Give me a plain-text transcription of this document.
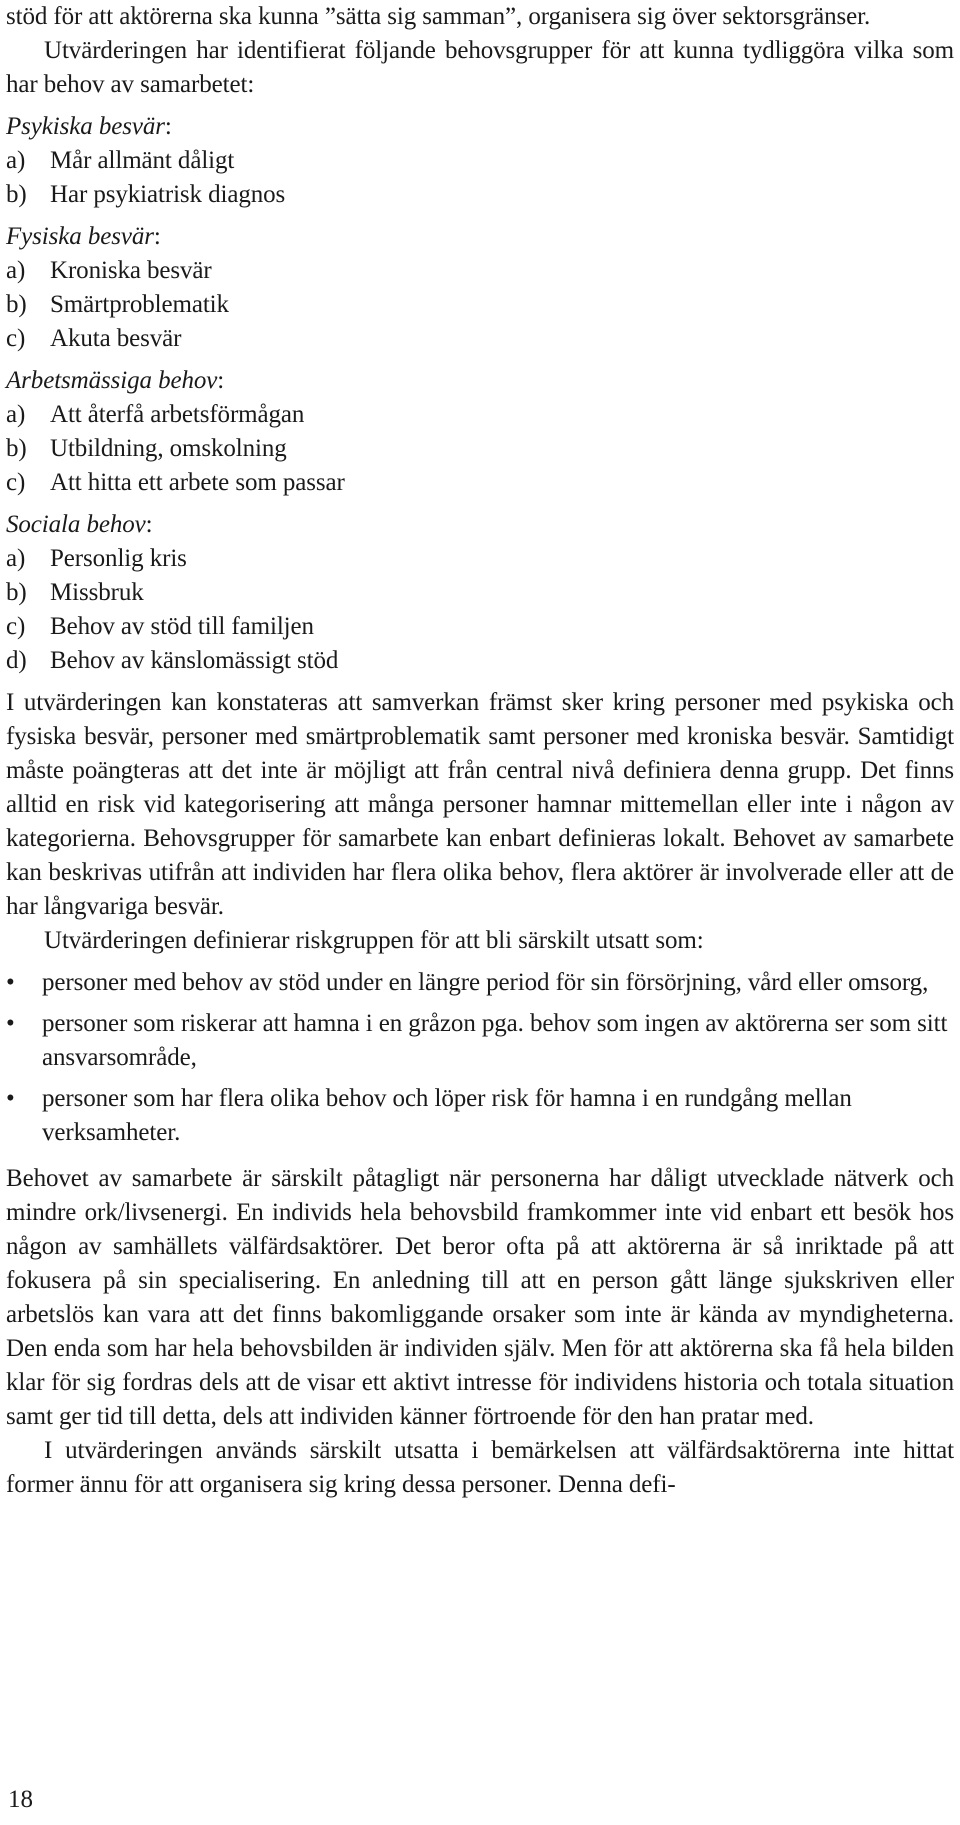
stöd för att aktörerna ska kunna ”sätta sig samman”, organisera sig över sektorsgränser.

Utvärderingen har identifierat följande behovsgrupper för att kunna tydliggöra vilka som har behov av samarbetet:

Psykiska besvär:
a) Mår allmänt dåligt
b) Har psykiatrisk diagnos
Fysiska besvär:
a) Kroniska besvär
b) Smärtproblematik
c) Akuta besvär
Arbetsmässiga behov:
a) Att återfå arbetsförmågan
b) Utbildning, omskolning
c) Att hitta ett arbete som passar
Sociala behov:
a) Personlig kris
b) Missbruk
c) Behov av stöd till familjen
d) Behov av känslomässigt stöd

I utvärderingen kan konstateras att samverkan främst sker kring personer med psykiska och fysiska besvär, personer med smärtproblematik samt personer med kroniska besvär. Samtidigt måste poängteras att det inte är möjligt att från central nivå definiera denna grupp. Det finns alltid en risk vid kategorisering att många personer hamnar mittemellan eller inte i någon av kategorierna. Behovsgrupper för samarbete kan enbart definieras lokalt. Behovet av samarbete kan beskrivas utifrån att individen har flera olika behov, flera aktörer är involverade eller att de har långvariga besvär.

Utvärderingen definierar riskgruppen för att bli särskilt utsatt som:

• personer med behov av stöd under en längre period för sin försörjning, vård eller omsorg,
• personer som riskerar att hamna i en gråzon pga. behov som ingen av aktörerna ser som sitt ansvarsområde,
• personer som har flera olika behov och löper risk för hamna i en rundgång mellan verksamheter.

Behovet av samarbete är särskilt påtagligt när personerna har dåligt utvecklade nätverk och mindre ork/livsenergi. En individs hela behovsbild framkommer inte vid enbart ett besök hos någon av samhällets välfärdsaktörer. Det beror ofta på att aktörerna är så inriktade på att fokusera på sin specialisering. En anledning till att en person gått länge sjukskriven eller arbetslös kan vara att det finns bakomliggande orsaker som inte är kända av myndigheterna. Den enda som har hela behovsbilden är individen själv. Men för att aktörerna ska få hela bilden klar för sig fordras dels att de visar ett aktivt intresse för individens historia och totala situation samt ger tid till detta, dels att individen känner förtroende för den han pratar med.

I utvärderingen används särskilt utsatta i bemärkelsen att välfärdsaktörerna inte hittat former ännu för att organisera sig kring dessa personer. Denna defi-

18
